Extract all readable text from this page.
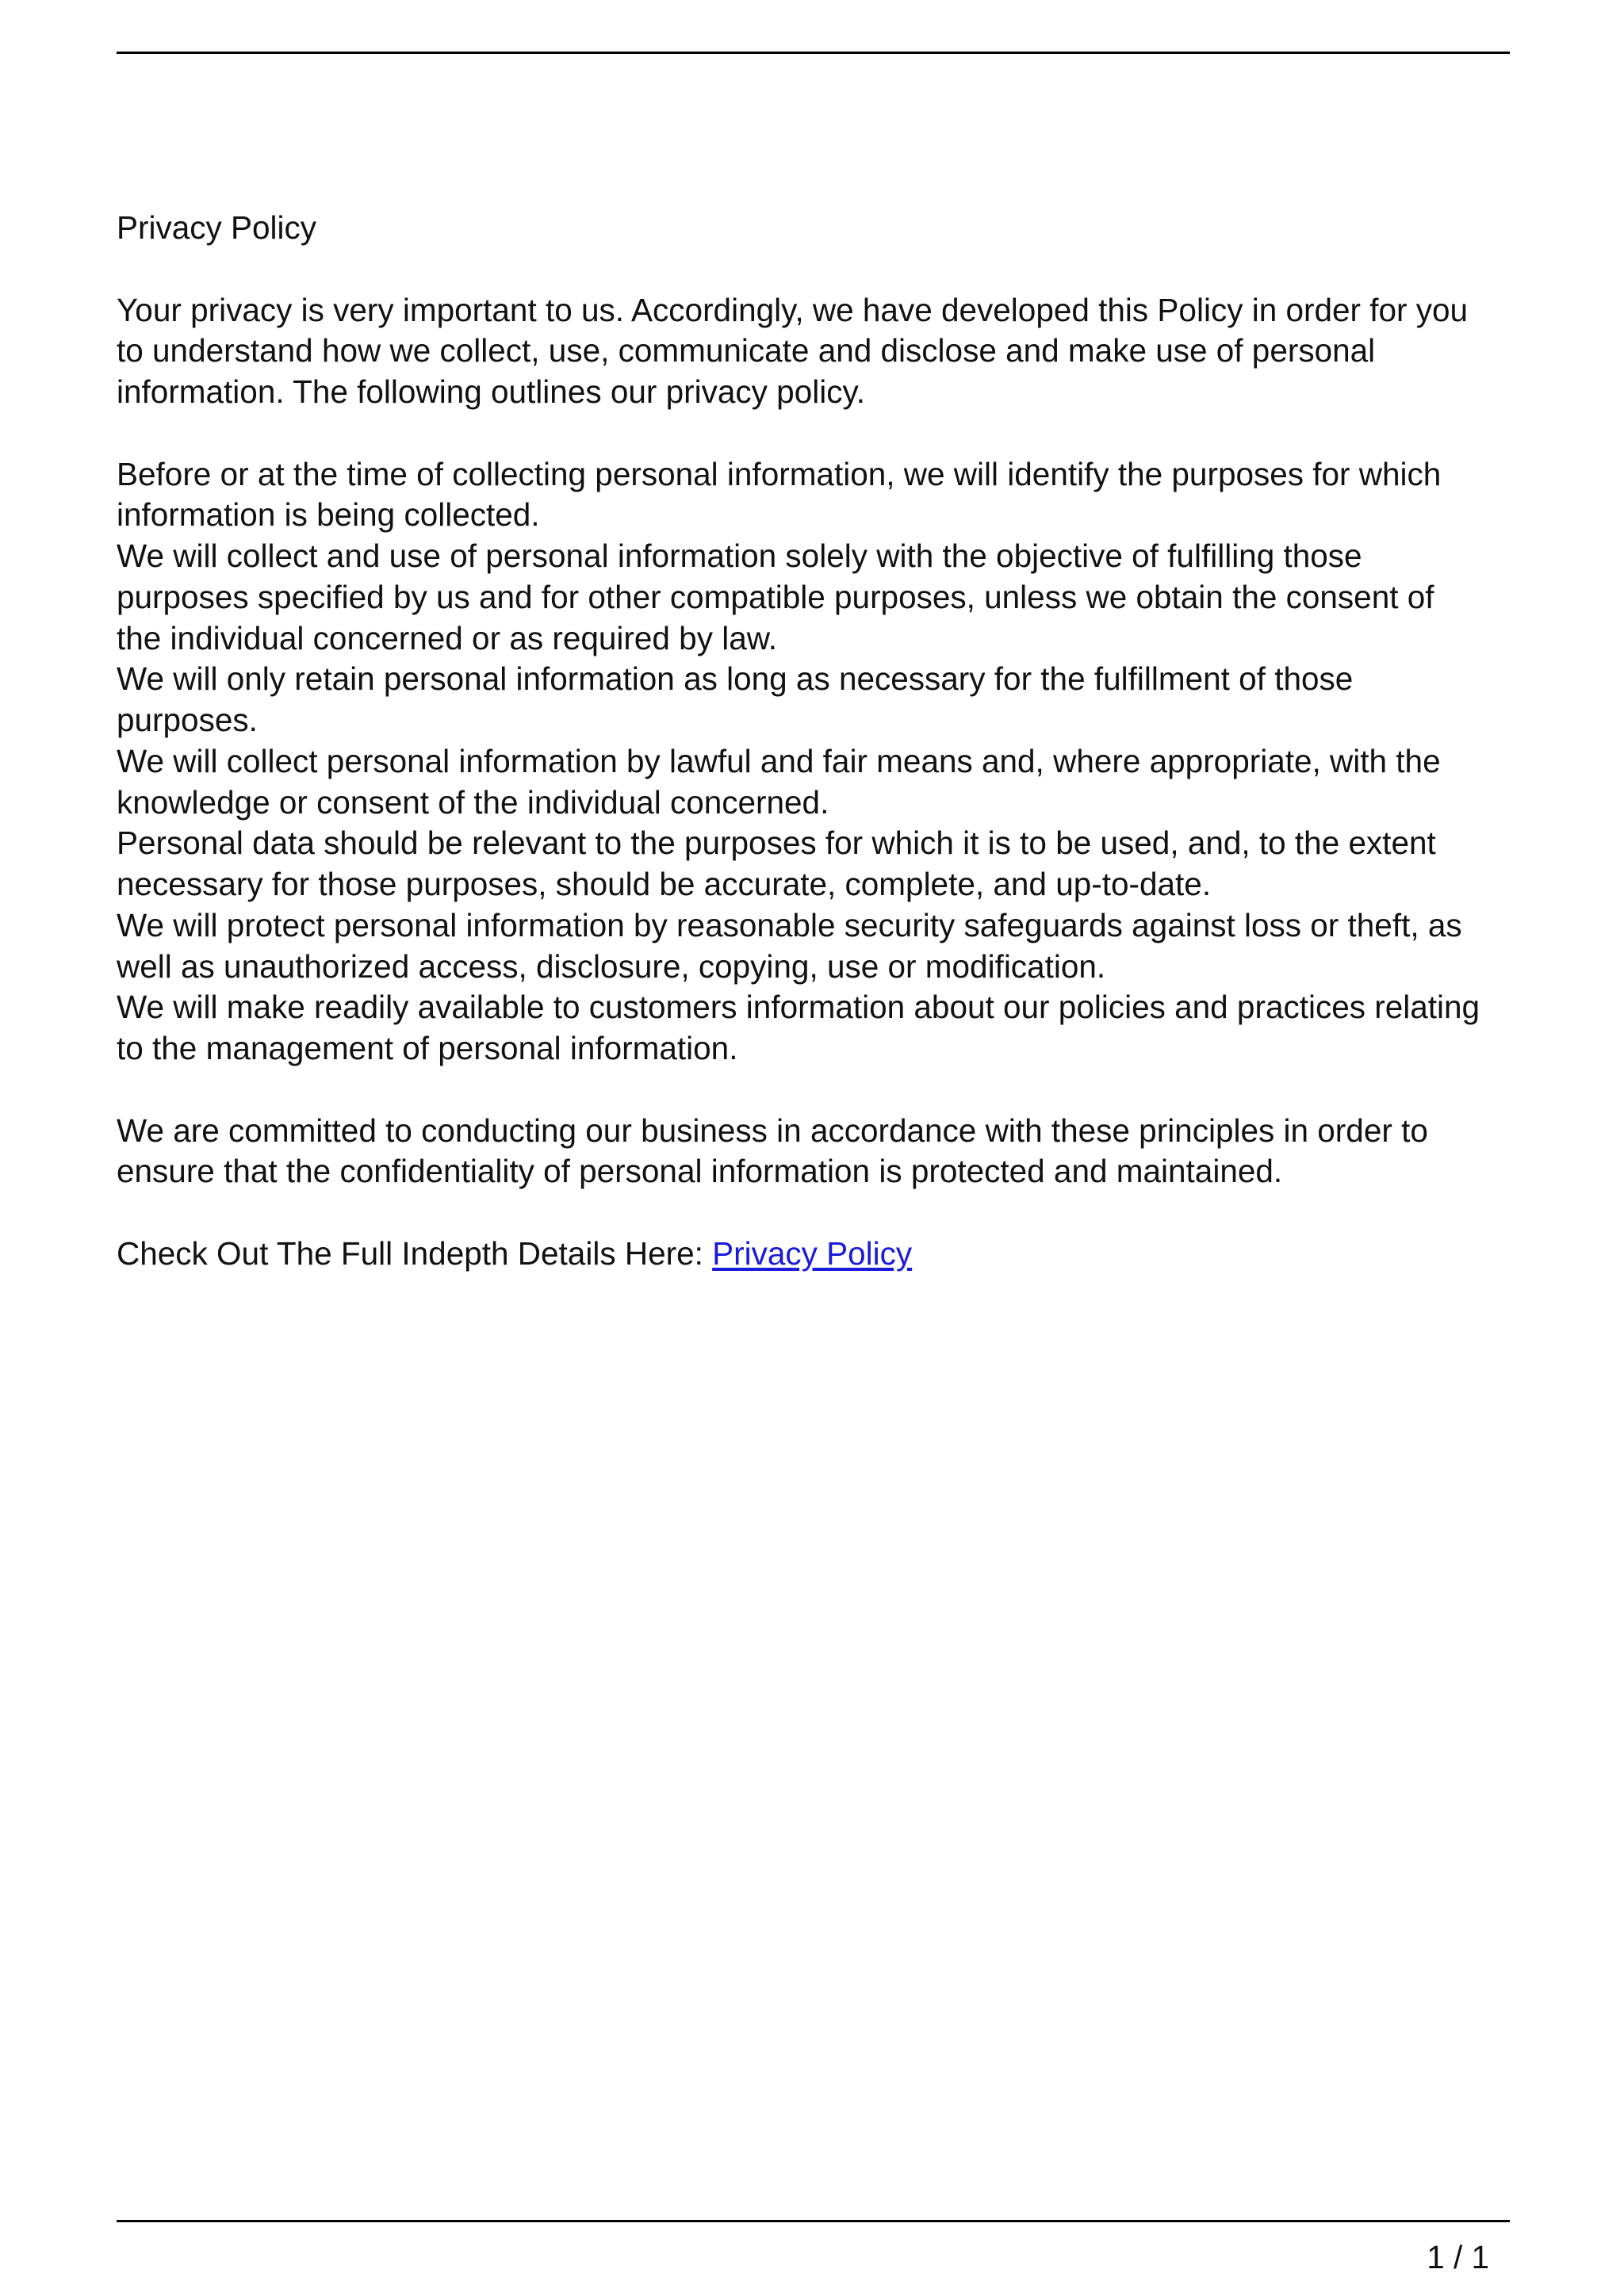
Privacy Policy
Your privacy is very important to us. Accordingly, we have developed this Policy in order for you
to understand how we collect, use, communicate and disclose and make use of personal
information. The following outlines our privacy policy.
Before or at the time of collecting personal information, we will identify the purposes for which
information is being collected.
We will collect and use of personal information solely with the objective of fulfilling those
purposes specified by us and for other compatible purposes, unless we obtain the consent of
the individual concerned or as required by law.
We will only retain personal information as long as necessary for the fulfillment of those
purposes.
We will collect personal information by lawful and fair means and, where appropriate, with the
knowledge or consent of the individual concerned.
Personal data should be relevant to the purposes for which it is to be used, and, to the extent
necessary for those purposes, should be accurate, complete, and up-to-date.
We will protect personal information by reasonable security safeguards against loss or theft, as
well as unauthorized access, disclosure, copying, use or modification.
We will make readily available to customers information about our policies and practices relating
to the management of personal information.
We are committed to conducting our business in accordance with these principles in order to
ensure that the confidentiality of personal information is protected and maintained.
Check Out The Full Indepth Details Here: Privacy Policy
1 / 1
